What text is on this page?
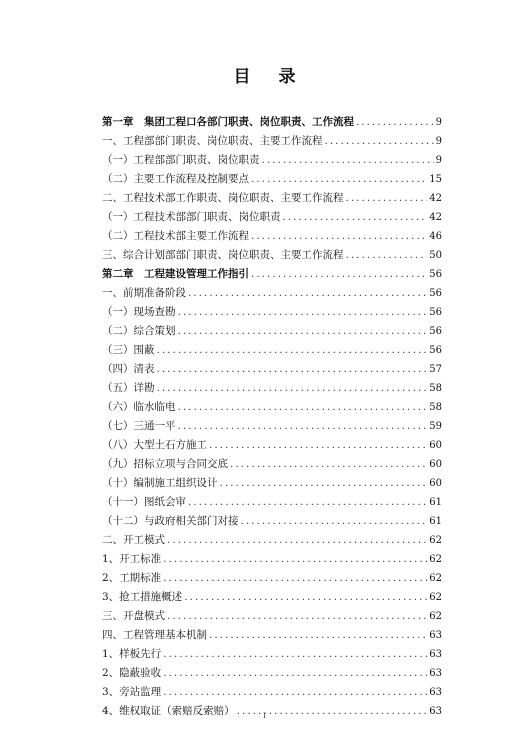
目 录
第一章　集团工程口各部门职责、岗位职责、工作流程 .....	9
一、工程部部门职责、岗位职责、主要工作流程 .....	9
（一）工程部部门职责、岗位职责 .....	9
（二）主要工作流程及控制要点 .....	15
二、工程技术部工作职责、岗位职责、主要工作流程 .....	42
（一）工程技术部部门职责、岗位职责 .....	42
（二）工程技术部主要工作流程 .....	46
三、综合计划部部门职责、岗位职责、主要工作流程 .....	50
第二章　工程建设管理工作指引 .....	56
一、前期准备阶段 .....	56
（一）现场查勘 .....	56
（二）综合策划 .....	56
（三）围蔽 .....	56
（四）清表 .....	57
（五）详勘 .....	58
（六）临水临电 .....	58
（七）三通一平 .....	59
（八）大型土石方施工 .....	60
（九）招标立项与合同交底 .....	60
（十）编制施工组织设计 .....	60
（十一）图纸会审 .....	61
（十二）与政府相关部门对接 .....	61
二、开工模式 .....	62
1、开工标准 .....	62
2、工期标准 .....	62
3、抢工措施概述 .....	62
三、开盘模式 .....	62
四、工程管理基本机制 .....	63
1、样板先行 .....	63
2、隐蔽验收 .....	63
3、旁站监理 .....	63
4、维权取证（索赔反索赔） .....	63
I
